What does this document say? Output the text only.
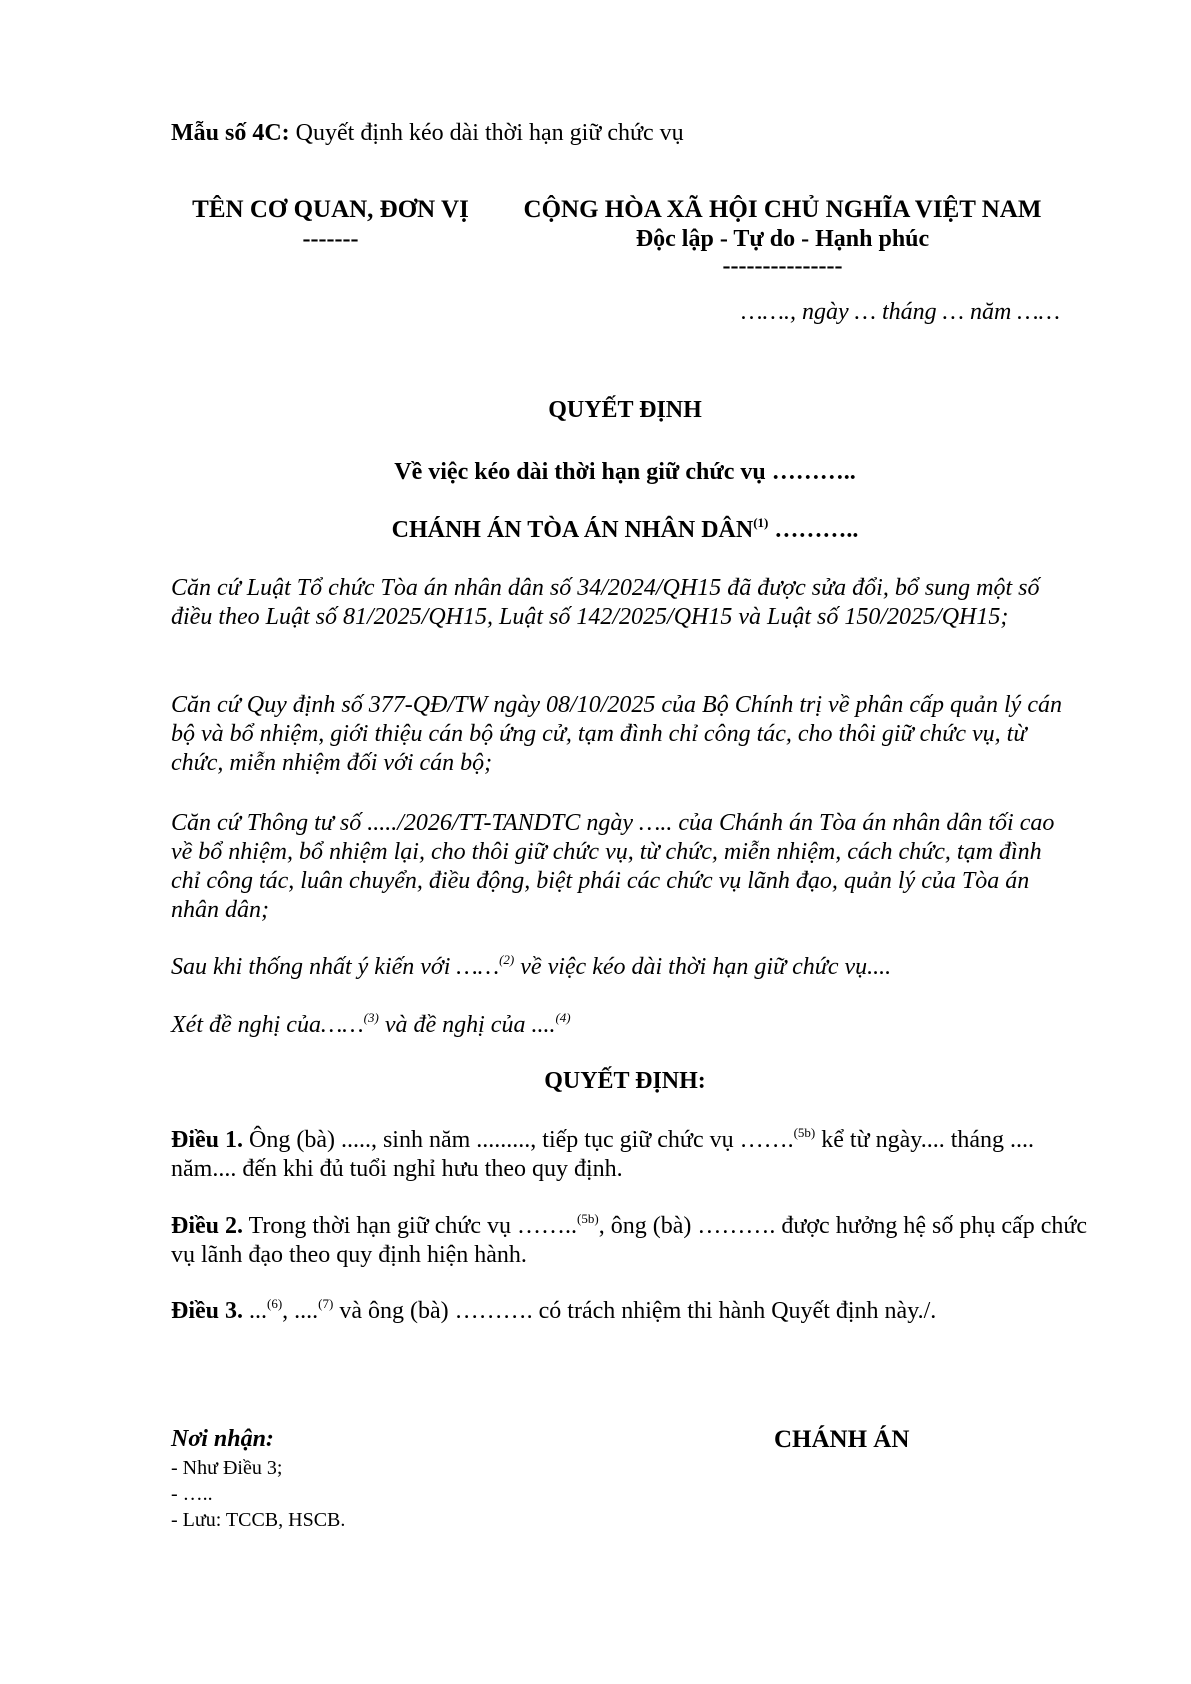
Mẫu số 4C: Quyết định kéo dài thời hạn giữ chức vụ
TÊN CƠ QUAN, ĐƠN VỊ
-------
CỘNG HÒA XÃ HỘI CHỦ NGHĨA VIỆT NAM
Độc lập - Tự do - Hạnh phúc
---------------
……., ngày … tháng … năm ……
QUYẾT ĐỊNH
Về việc kéo dài thời hạn giữ chức vụ ………..
CHÁNH ÁN TÒA ÁN NHÂN DÂN$^{(1)}$ ………..
Căn cứ Luật Tổ chức Tòa án nhân dân số 34/2024/QH15 đã được sửa đổi, bổ sung một số điều theo Luật số 81/2025/QH15, Luật số 142/2025/QH15 và Luật số 150/2025/QH15;
Căn cứ Quy định số 377-QĐ/TW ngày 08/10/2025 của Bộ Chính trị về phân cấp quản lý cán bộ và bổ nhiệm, giới thiệu cán bộ ứng cử, tạm đình chỉ công tác, cho thôi giữ chức vụ, từ chức, miễn nhiệm đối với cán bộ;
Căn cứ Thông tư số ...../2026/TT-TANDTC ngày ….. của Chánh án Tòa án nhân dân tối cao về bổ nhiệm, bổ nhiệm lại, cho thôi giữ chức vụ, từ chức, miễn nhiệm, cách chức, tạm đình chỉ công tác, luân chuyển, điều động, biệt phái các chức vụ lãnh đạo, quản lý của Tòa án nhân dân;
Sau khi thống nhất ý kiến với ……$^{(2)}$ về việc kéo dài thời hạn giữ chức vụ....
Xét đề nghị của……$^{(3)}$ và đề nghị của ....$^{(4)}$
QUYẾT ĐỊNH:
Điều 1. Ông (bà) ....., sinh năm ........., tiếp tục giữ chức vụ …….$^{(5b)}$ kể từ ngày.... tháng .... năm.... đến khi đủ tuổi nghỉ hưu theo quy định.
Điều 2. Trong thời hạn giữ chức vụ ……..$^{(5b)}$, ông (bà) ………. được hưởng hệ số phụ cấp chức vụ lãnh đạo theo quy định hiện hành.
Điều 3. ...$^{(6)}$, ....$^{(7)}$ và ông (bà) ………. có trách nhiệm thi hành Quyết định này./.
Nơi nhận:
- Như Điều 3;
- …..
- Lưu: TCCB, HSCB.
CHÁNH ÁN
